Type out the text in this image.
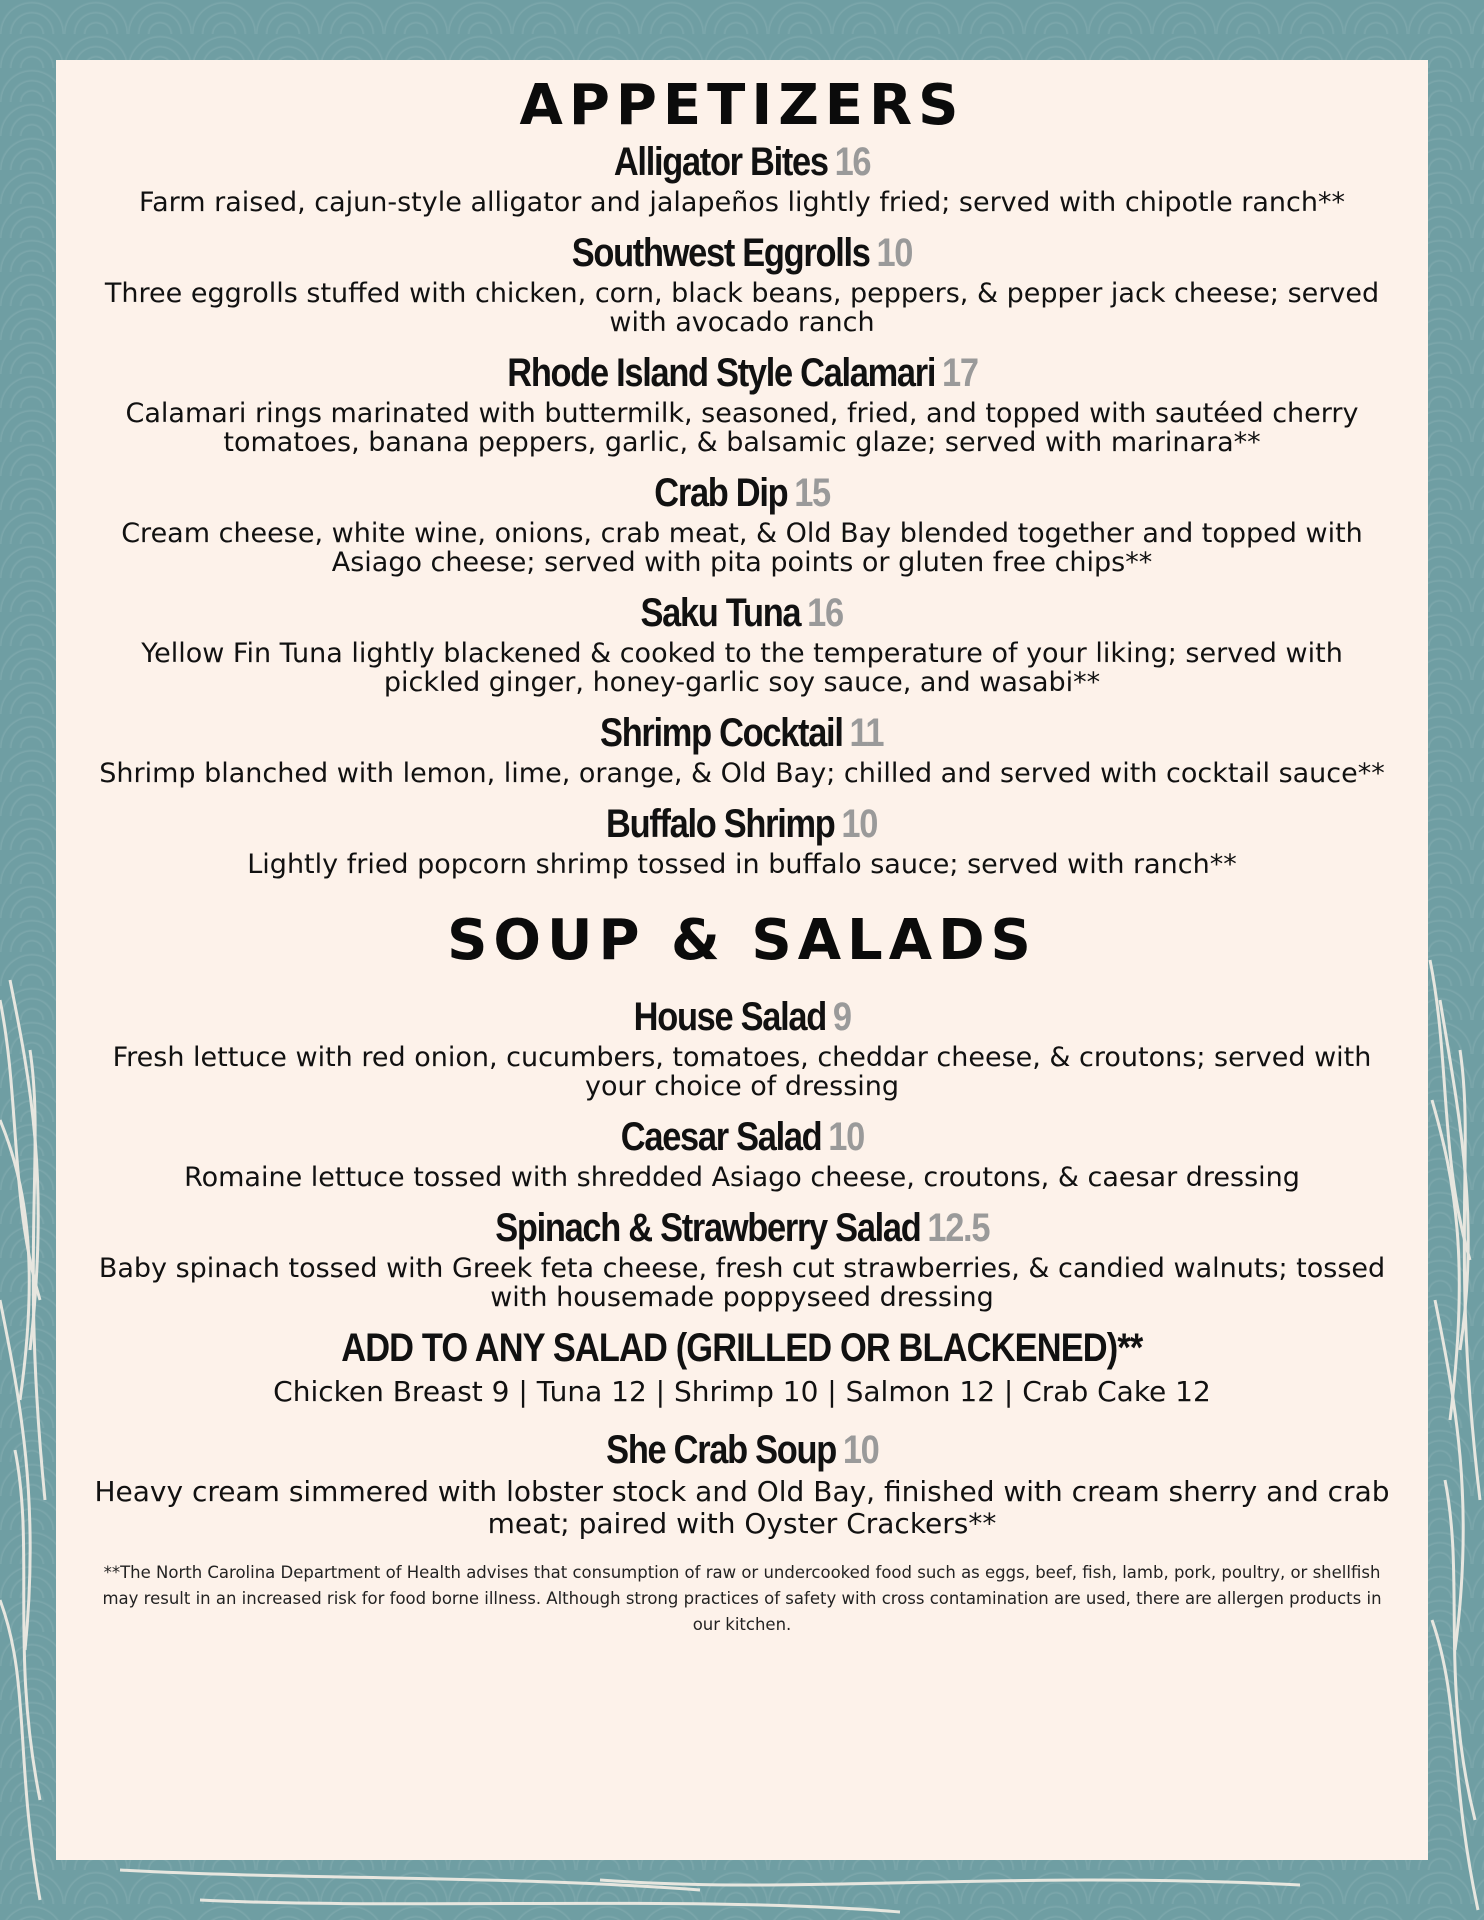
APPETIZERS
Alligator Bites 16
Farm raised, cajun-style alligator and jalapeños lightly fried; served with chipotle ranch**
Southwest Eggrolls 10
Three eggrolls stuffed with chicken, corn, black beans, peppers, & pepper jack cheese; served with avocado ranch
Rhode Island Style Calamari 17
Calamari rings marinated with buttermilk, seasoned, fried, and topped with sautéed cherry tomatoes, banana peppers, garlic, & balsamic glaze; served with marinara**
Crab Dip 15
Cream cheese, white wine, onions, crab meat, & Old Bay blended together and topped with Asiago cheese; served with pita points or gluten free chips**
Saku Tuna 16
Yellow Fin Tuna lightly blackened & cooked to the temperature of your liking; served with pickled ginger, honey-garlic soy sauce, and wasabi**
Shrimp Cocktail 11
Shrimp blanched with lemon, lime, orange, & Old Bay; chilled and served with cocktail sauce**
Buffalo Shrimp 10
Lightly fried popcorn shrimp tossed in buffalo sauce; served with ranch**
SOUP & SALADS
House Salad 9
Fresh lettuce with red onion, cucumbers, tomatoes, cheddar cheese, & croutons; served with your choice of dressing
Caesar Salad 10
Romaine lettuce tossed with shredded Asiago cheese, croutons, & caesar dressing
Spinach & Strawberry Salad 12.5
Baby spinach tossed with Greek feta cheese, fresh cut strawberries, & candied walnuts; tossed with housemade poppyseed dressing
ADD TO ANY SALAD (GRILLED OR BLACKENED)**
Chicken Breast 9 | Tuna 12 | Shrimp 10 | Salmon 12 | Crab Cake 12
She Crab Soup 10
Heavy cream simmered with lobster stock and Old Bay, finished with cream sherry and crab meat; paired with Oyster Crackers**
**The North Carolina Department of Health advises that consumption of raw or undercooked food such as eggs, beef, fish, lamb, pork, poultry, or shellfish may result in an increased risk for food borne illness. Although strong practices of safety with cross contamination are used, there are allergen products in our kitchen.
